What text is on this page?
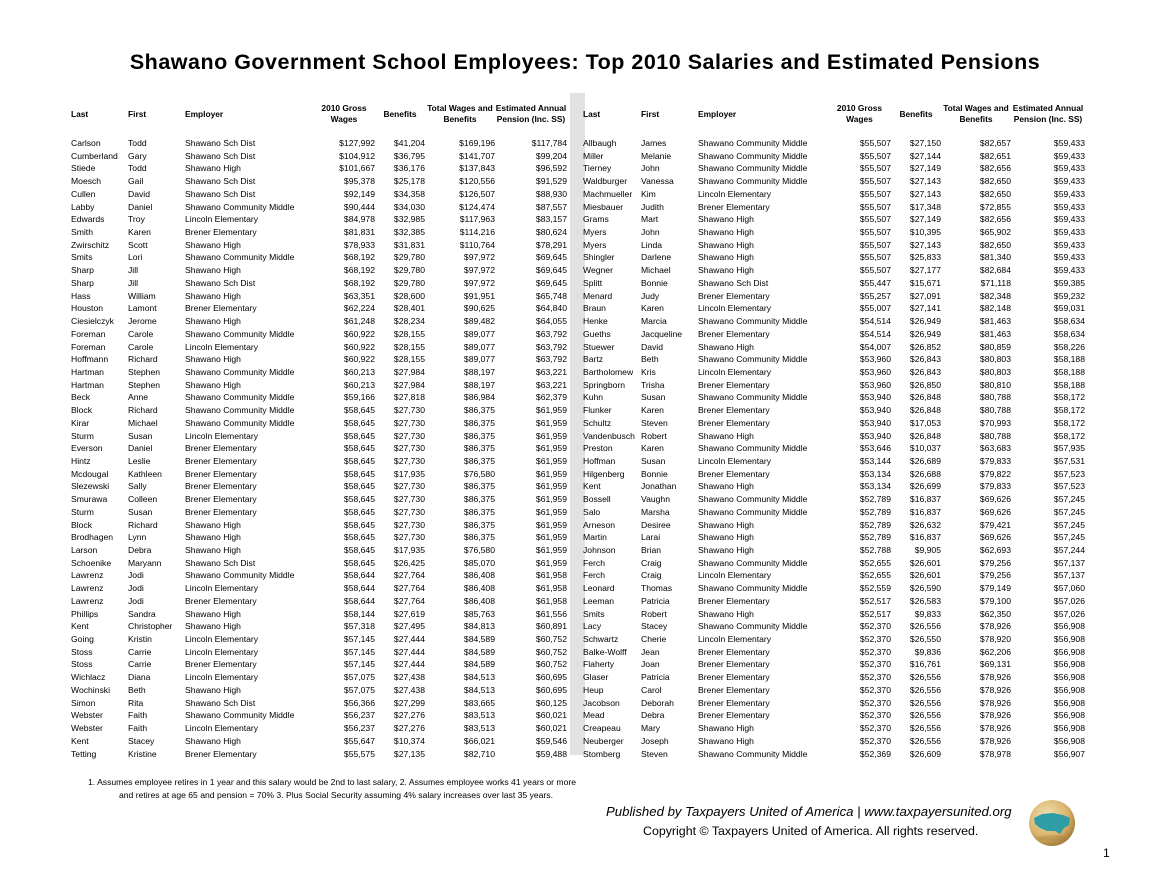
Shawano Government School Employees: Top 2010 Salaries and Estimated Pensions
Last	First	Employer	2010 Gross Wages	Benefits	Total Wages and Benefits	Estimated Annual Pension (Inc. SS)

Carlson	Todd	Shawano Sch Dist	$127,992	$41,204	$169,196	$117,784
Cumberland	Gary	Shawano Sch Dist	$104,912	$36,795	$141,707	$99,204
Stiede	Todd	Shawano High	$101,667	$36,176	$137,843	$96,592
Moesch	Gail	Shawano Sch Dist	$95,378	$25,178	$120,556	$91,529
Cullen	David	Shawano Sch Dist	$92,149	$34,358	$126,507	$88,930
Labby	Daniel	Shawano Community Middle	$90,444	$34,030	$124,474	$87,557
Edwards	Troy	Lincoln Elementary	$84,978	$32,985	$117,963	$83,157
Smith	Karen	Brener Elementary	$81,831	$32,385	$114,216	$80,624
Zwirschitz	Scott	Shawano High	$78,933	$31,831	$110,764	$78,291
Smits	Lori	Shawano Community Middle	$68,192	$29,780	$97,972	$69,645
Sharp	Jill	Shawano High	$68,192	$29,780	$97,972	$69,645
Sharp	Jill	Shawano Sch Dist	$68,192	$29,780	$97,972	$69,645
Hass	William	Shawano High	$63,351	$28,600	$91,951	$65,748
Houston	Lamont	Brener Elementary	$62,224	$28,401	$90,625	$64,840
Ciesielczyk	Jerome	Shawano High	$61,248	$28,234	$89,482	$64,055
Foreman	Carole	Shawano Community Middle	$60,922	$28,155	$89,077	$63,792
Foreman	Carole	Lincoln Elementary	$60,922	$28,155	$89,077	$63,792
Hoffmann	Richard	Shawano High	$60,922	$28,155	$89,077	$63,792
Hartman	Stephen	Shawano Community Middle	$60,213	$27,984	$88,197	$63,221
Hartman	Stephen	Shawano High	$60,213	$27,984	$88,197	$63,221
Beck	Anne	Shawano Community Middle	$59,166	$27,818	$86,984	$62,379
Block	Richard	Shawano Community Middle	$58,645	$27,730	$86,375	$61,959
Kirar	Michael	Shawano Community Middle	$58,645	$27,730	$86,375	$61,959
Sturm	Susan	Lincoln Elementary	$58,645	$27,730	$86,375	$61,959
Everson	Daniel	Brener Elementary	$58,645	$27,730	$86,375	$61,959
Hintz	Leslie	Brener Elementary	$58,645	$27,730	$86,375	$61,959
Mcdougal	Kathleen	Brener Elementary	$58,645	$17,935	$76,580	$61,959
Slezewski	Sally	Brener Elementary	$58,645	$27,730	$86,375	$61,959
Smurawa	Colleen	Brener Elementary	$58,645	$27,730	$86,375	$61,959
Sturm	Susan	Brener Elementary	$58,645	$27,730	$86,375	$61,959
Block	Richard	Shawano High	$58,645	$27,730	$86,375	$61,959
Brodhagen	Lynn	Shawano High	$58,645	$27,730	$86,375	$61,959
Larson	Debra	Shawano High	$58,645	$17,935	$76,580	$61,959
Schoenike	Maryann	Shawano Sch Dist	$58,645	$26,425	$85,070	$61,959
Lawrenz	Jodi	Shawano Community Middle	$58,644	$27,764	$86,408	$61,958
Lawrenz	Jodi	Lincoln Elementary	$58,644	$27,764	$86,408	$61,958
Lawrenz	Jodi	Brener Elementary	$58,644	$27,764	$86,408	$61,958
Phillips	Sandra	Shawano High	$58,144	$27,619	$85,763	$61,556
Kent	Christopher	Shawano High	$57,318	$27,495	$84,813	$60,891
Going	Kristin	Lincoln Elementary	$57,145	$27,444	$84,589	$60,752
Stoss	Carrie	Lincoln Elementary	$57,145	$27,444	$84,589	$60,752
Stoss	Carrie	Brener Elementary	$57,145	$27,444	$84,589	$60,752
Wichlacz	Diana	Lincoln Elementary	$57,075	$27,438	$84,513	$60,695
Wochinski	Beth	Shawano High	$57,075	$27,438	$84,513	$60,695
Simon	Rita	Shawano Sch Dist	$56,366	$27,299	$83,665	$60,125
Webster	Faith	Shawano Community Middle	$56,237	$27,276	$83,513	$60,021
Webster	Faith	Lincoln Elementary	$56,237	$27,276	$83,513	$60,021
Kent	Stacey	Shawano High	$55,647	$10,374	$66,021	$59,546
Tetting	Kristine	Brener Elementary	$55,575	$27,135	$82,710	$59,488
Last	First	Employer	2010 Gross Wages	Benefits	Total Wages and Benefits	Estimated Annual Pension (Inc. SS)

Allbaugh	James	Shawano Community Middle	$55,507	$27,150	$82,657	$59,433
Miller	Melanie	Shawano Community Middle	$55,507	$27,144	$82,651	$59,433
Tierney	John	Shawano Community Middle	$55,507	$27,149	$82,656	$59,433
Waldburger	Vanessa	Shawano Community Middle	$55,507	$27,143	$82,650	$59,433
Machmueller	Kim	Lincoln Elementary	$55,507	$27,143	$82,650	$59,433
Miesbauer	Judith	Brener Elementary	$55,507	$17,348	$72,855	$59,433
Grams	Mart	Shawano High	$55,507	$27,149	$82,656	$59,433
Myers	John	Shawano High	$55,507	$10,395	$65,902	$59,433
Myers	Linda	Shawano High	$55,507	$27,143	$82,650	$59,433
Shingler	Darlene	Shawano High	$55,507	$25,833	$81,340	$59,433
Wegner	Michael	Shawano High	$55,507	$27,177	$82,684	$59,433
Splitt	Bonnie	Shawano Sch Dist	$55,447	$15,671	$71,118	$59,385
Menard	Judy	Brener Elementary	$55,257	$27,091	$82,348	$59,232
Braun	Karen	Lincoln Elementary	$55,007	$27,141	$82,148	$59,031
Henke	Marcia	Shawano Community Middle	$54,514	$26,949	$81,463	$58,634
Gueths	Jacqueline	Brener Elementary	$54,514	$26,949	$81,463	$58,634
Stuewer	David	Shawano High	$54,007	$26,852	$80,859	$58,226
Bartz	Beth	Shawano Community Middle	$53,960	$26,843	$80,803	$58,188
Bartholomew	Kris	Lincoln Elementary	$53,960	$26,843	$80,803	$58,188
Springborn	Trisha	Brener Elementary	$53,960	$26,850	$80,810	$58,188
Kuhn	Susan	Shawano Community Middle	$53,940	$26,848	$80,788	$58,172
Flunker	Karen	Brener Elementary	$53,940	$26,848	$80,788	$58,172
Schultz	Steven	Brener Elementary	$53,940	$17,053	$70,993	$58,172
Vandenbusch	Robert	Shawano High	$53,940	$26,848	$80,788	$58,172
Preston	Karen	Shawano Community Middle	$53,646	$10,037	$63,683	$57,935
Hoffman	Susan	Lincoln Elementary	$53,144	$26,689	$79,833	$57,531
Hilgenberg	Bonnie	Brener Elementary	$53,134	$26,688	$79,822	$57,523
Kent	Jonathan	Shawano High	$53,134	$26,699	$79,833	$57,523
Bossell	Vaughn	Shawano Community Middle	$52,789	$16,837	$69,626	$57,245
Salo	Marsha	Shawano Community Middle	$52,789	$16,837	$69,626	$57,245
Arneson	Desiree	Shawano High	$52,789	$26,632	$79,421	$57,245
Martin	Larai	Shawano High	$52,789	$16,837	$69,626	$57,245
Johnson	Brian	Shawano High	$52,788	$9,905	$62,693	$57,244
Ferch	Craig	Shawano Community Middle	$52,655	$26,601	$79,256	$57,137
Ferch	Craig	Lincoln Elementary	$52,655	$26,601	$79,256	$57,137
Leonard	Thomas	Shawano Community Middle	$52,559	$26,590	$79,149	$57,060
Leeman	Patricia	Brener Elementary	$52,517	$26,583	$79,100	$57,026
Smits	Robert	Shawano High	$52,517	$9,833	$62,350	$57,026
Lacy	Stacey	Shawano Community Middle	$52,370	$26,556	$78,926	$56,908
Schwartz	Cherie	Lincoln Elementary	$52,370	$26,550	$78,920	$56,908
Balke-Wolff	Jean	Brener Elementary	$52,370	$9,836	$62,206	$56,908
Flaherty	Joan	Brener Elementary	$52,370	$16,761	$69,131	$56,908
Glaser	Patricia	Brener Elementary	$52,370	$26,556	$78,926	$56,908
Heup	Carol	Brener Elementary	$52,370	$26,556	$78,926	$56,908
Jacobson	Deborah	Brener Elementary	$52,370	$26,556	$78,926	$56,908
Mead	Debra	Brener Elementary	$52,370	$26,556	$78,926	$56,908
Creapeau	Mary	Shawano High	$52,370	$26,556	$78,926	$56,908
Neuberger	Joseph	Shawano High	$52,370	$26,556	$78,926	$56,908
Stomberg	Steven	Shawano Community Middle	$52,369	$26,609	$78,978	$56,907
1. Assumes employee retires in 1 year and this salary would be 2nd to last salary, 2. Assumes employee works 41 years or more
and retires at age 65 and pension = 70% 3. Plus Social Security assuming 4% salary increases over last 35 years.
Published by Taxpayers United of America | www.taxpayersunited.org
Copyright © Taxpayers United of America. All rights reserved.
1
